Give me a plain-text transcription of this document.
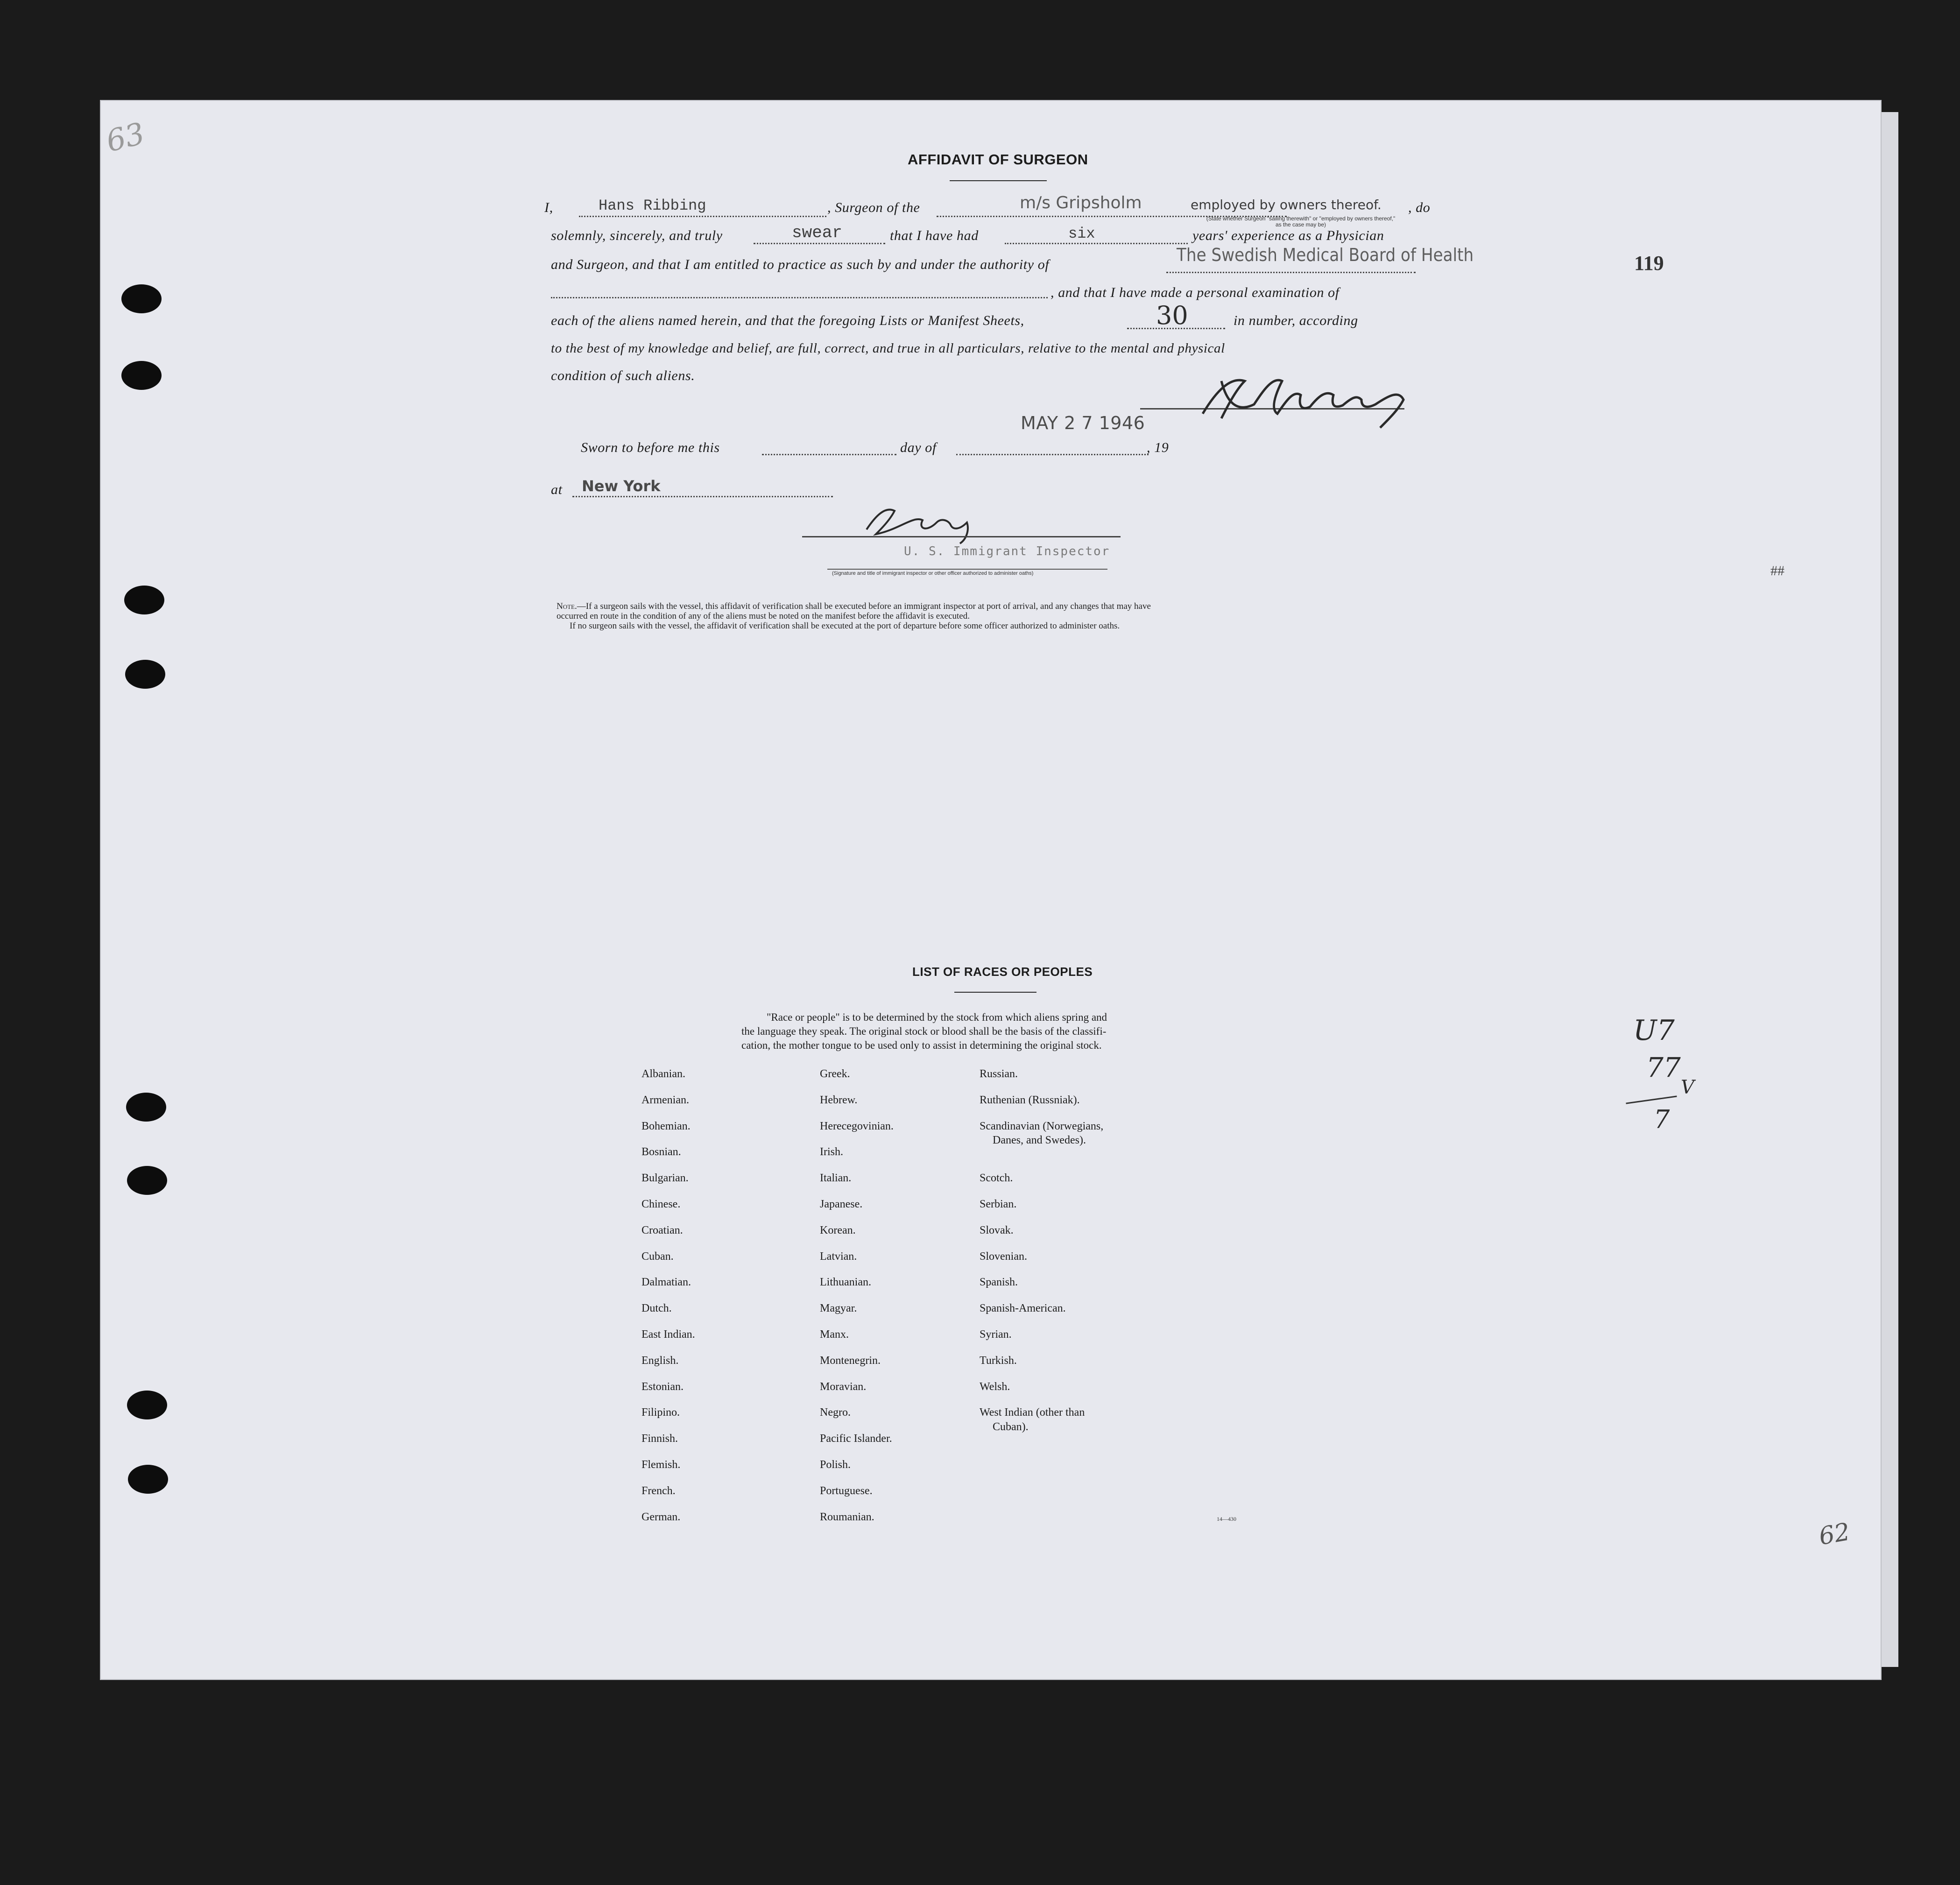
63
119
##
U7
77
7
V
62
AFFIDAVIT OF SURGEON
I,	Hans Ribbing	, Surgeon of the	m/s Gripsholm	employed by owners thereof. , do
(State whether Surgeon "sailing therewith" or "employed by owners thereof," as the case may be)
solemnly, sincerely, and truly	swear	that I have had	six	years' experience as a Physician
and Surgeon, and that I am entitled to practice as such by and under the authority of	The Swedish Medical Board of Health
, and that I have made a personal examination of
each of the aliens named herein, and that the foregoing Lists or Manifest Sheets,	30	in number, according
to the best of my knowledge and belief, are full, correct, and true in all particulars, relative to the mental and physical
condition of such aliens.
MAY 2 7 1946
Sworn to before me this	day of	, 19
at New York
U. S. Immigrant Inspector
(Signature and title of immigrant inspector or other officer authorized to administer oaths)
Note.—If a surgeon sails with the vessel, this affidavit of verification shall be executed before an immigrant inspector at port of arrival, and any changes that may have
occurred en route in the condition of any of the aliens must be noted on the manifest before the affidavit is executed.
If no surgeon sails with the vessel, the affidavit of verification shall be executed at the port of departure before some officer authorized to administer oaths.
LIST OF RACES OR PEOPLES
"Race or people" is to be determined by the stock from which aliens spring and
the language they speak. The original stock or blood shall be the basis of the classifi-
cation, the mother tongue to be used only to assist in determining the original stock.
Albanian.
Armenian.
Bohemian.
Bosnian.
Bulgarian.
Chinese.
Croatian.
Cuban.
Dalmatian.
Dutch.
East Indian.
English.
Estonian.
Filipino.
Finnish.
Flemish.
French.
German.
Greek.
Hebrew.
Herecegovinian.
Irish.
Italian.
Japanese.
Korean.
Latvian.
Lithuanian.
Magyar.
Manx.
Montenegrin.
Moravian.
Negro.
Pacific Islander.
Polish.
Portuguese.
Roumanian.
Russian.
Ruthenian (Russniak).
Scandinavian (Norwegians,
Danes, and Swedes).
Scotch.
Serbian.
Slovak.
Slovenian.
Spanish.
Spanish-American.
Syrian.
Turkish.
Welsh.
West Indian (other than
Cuban).
14—430
